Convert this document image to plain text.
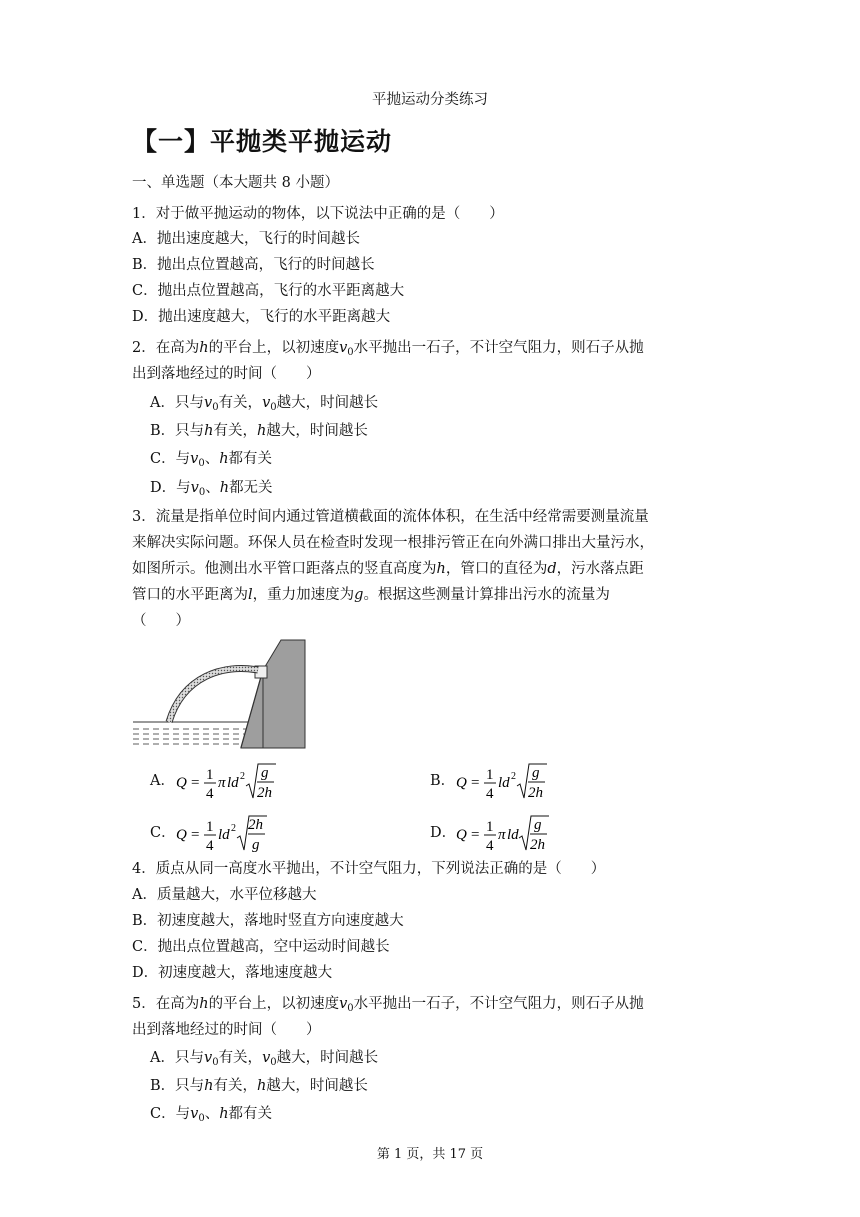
平抛运动分类练习
【一】平抛类平抛运动
一、单选题（本大题共 8 小题）
1．对于做平抛运动的物体，以下说法中正确的是（　　）
A．抛出速度越大，飞行的时间越长
B．抛出点位置越高，飞行的时间越长
C．抛出点位置越高，飞行的水平距离越大
D．抛出速度越大，飞行的水平距离越大
2．在高为h的平台上，以初速度$v_0$水平抛出一石子，不计空气阻力，则石子从抛
出到落地经过的时间（　　）
A．只与$v_0$有关，$v_0$越大，时间越长
B．只与h有关，h越大，时间越长
C．与$v_0$、h都有关
D．与$v_0$、h都无关
3．流量是指单位时间内通过管道横截面的流体体积，在生活中经常需要测量流量
来解决实际问题。环保人员在检查时发现一根排污管正在向外满口排出大量污水，
如图所示。他测出水平管口距落点的竖直高度为h，管口的直径为d，污水落点距
管口的水平距离为l，重力加速度为g。根据这些测量计算排出污水的流量为
（　　）
A． Q = 1
4
π ld 2 g
2h
B． Q = 1
4
ld 2 g
2h
C． Q = 1
4
ld 2 2h
g
D． Q = 1
4
π ld
g
2h
4．质点从同一高度水平抛出，不计空气阻力，下列说法正确的是（　　）
A．质量越大，水平位移越大
B．初速度越大，落地时竖直方向速度越大
C．抛出点位置越高，空中运动时间越长
D．初速度越大，落地速度越大
5．在高为h的平台上，以初速度$v_0$水平抛出一石子，不计空气阻力，则石子从抛
出到落地经过的时间（　　）
A．只与$v_0$有关，$v_0$越大，时间越长
B．只与h有关，h越大，时间越长
C．与$v_0$、h都有关
第 1 页，共 17 页
